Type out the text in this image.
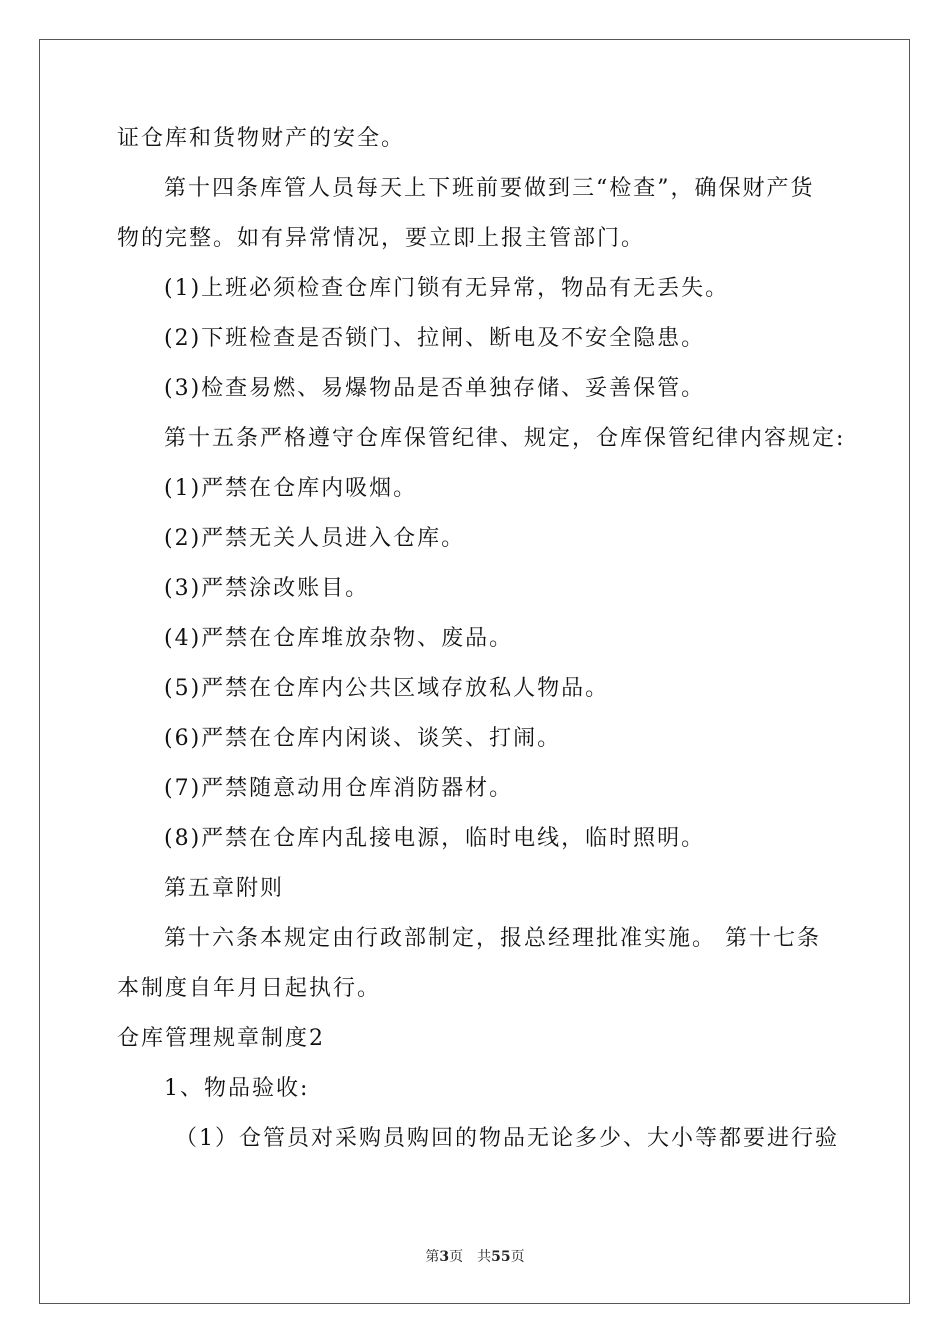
证仓库和货物财产的安全。
第十四条库管人员每天上下班前要做到三“检查”，确保财产货
物的完整。如有异常情况，要立即上报主管部门。
(1)上班必须检查仓库门锁有无异常，物品有无丢失。
(2)下班检查是否锁门、拉闸、断电及不安全隐患。
(3)检查易燃、易爆物品是否单独存储、妥善保管。
第十五条严格遵守仓库保管纪律、规定，仓库保管纪律内容规定:
(1)严禁在仓库内吸烟。
(2)严禁无关人员进入仓库。
(3)严禁涂改账目。
(4)严禁在仓库堆放杂物、废品。
(5)严禁在仓库内公共区域存放私人物品。
(6)严禁在仓库内闲谈、谈笑、打闹。
(7)严禁随意动用仓库消防器材。
(8)严禁在仓库内乱接电源，临时电线，临时照明。
第五章附则
第十六条本规定由行政部制定，报总经理批准实施。 第十七条
本制度自年月日起执行。
仓库管理规章制度2
1、物品验收:
（1）仓管员对采购员购回的物品无论多少、大小等都要进行验
第3页　共55页
